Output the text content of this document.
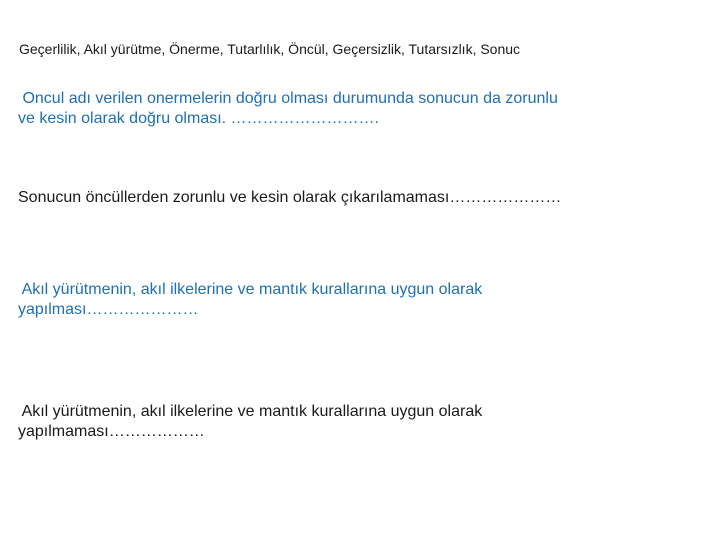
Geçerlilik, Akıl yürütme, Önerme, Tutarlılık, Öncül, Geçersizlik, Tutarsızlık, Sonuc
Oncul adı verilen onermelerin doğru olması durumunda sonucun da zorunlu
ve kesin olarak doğru olması. ……………………….
Sonucun öncüllerden zorunlu ve kesin olarak çıkarılamaması…………………
Akıl yürütmenin, akıl ilkelerine ve mantık kurallarına uygun olarak
yapılması…………………
Akıl yürütmenin, akıl ilkelerine ve mantık kurallarına uygun olarak
yapılmaması………………
